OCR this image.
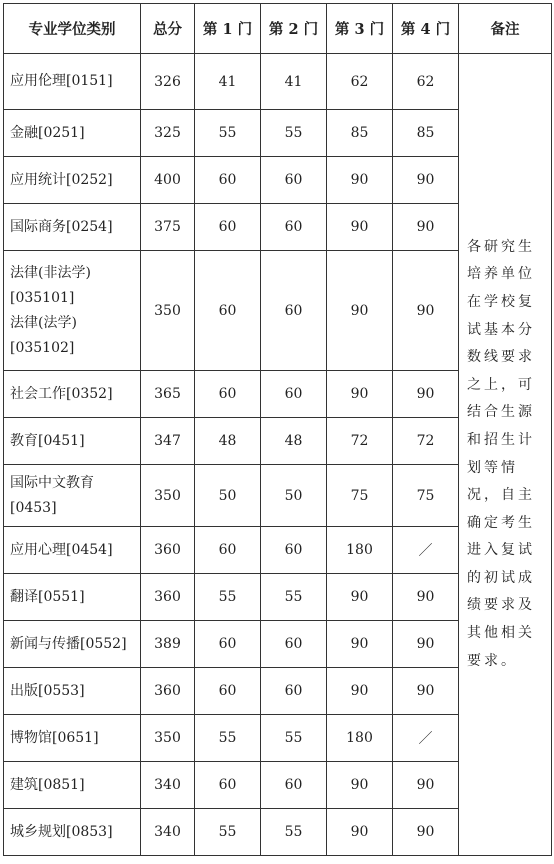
专业学位类别	总分	第 1 门	第 2 门	第 3 门	第 4 门	备注

应用伦理[0151]	326	41	41	62	62	各研究生培养单位在学校复试基本分数线要求之上，可结合生源和招生计划等情况，自主确定考生进入复试的初试成绩要求及其他相关要求。

金融[0251]	325	55	55	85	85	

应用统计[0252]	400	60	60	90	90	

国际商务[0254]	375	60	60	90	90	

法律(非法学)
[035101]
法律(法学)
[035102]	350	60	60	90	90	

社会工作[0352]	365	60	60	90	90	

教育[0451]	347	48	48	72	72	

国际中文教育
[0453]	350	50	50	75	75	

应用心理[0454]	360	60	60	180	／	

翻译[0551]	360	55	55	90	90	

新闻与传播[0552]	389	60	60	90	90	

出版[0553]	360	60	60	90	90	

博物馆[0651]	350	55	55	180	／	

建筑[0851]	340	60	60	90	90	

城乡规划[0853]	340	55	55	90	90	
